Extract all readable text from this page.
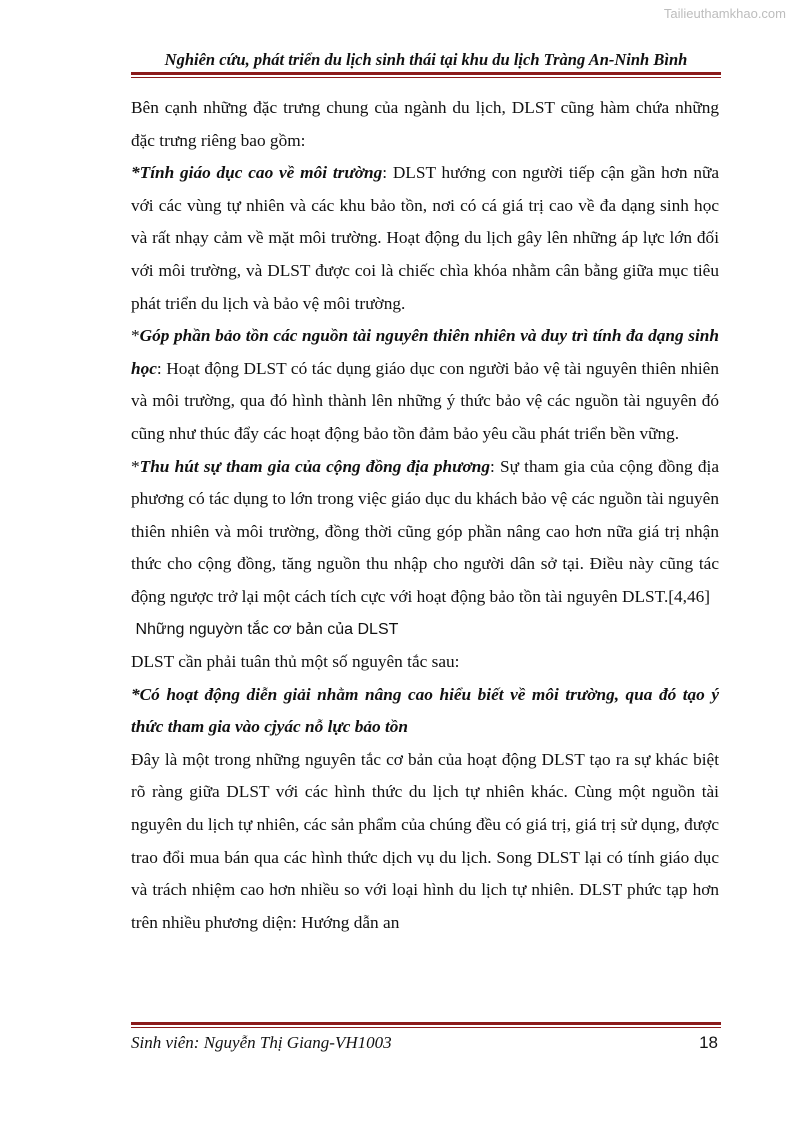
Tailieuthamkhao.com
Nghiên cứu, phát triển du lịch sinh thái tại khu du lịch Tràng An-Ninh Bình

Bên cạnh những đặc trưng chung của ngành du lịch, DLST cũng hàm chứa những đặc trưng riêng bao gồm:

*Tính giáo dục cao về môi trường: DLST hướng con người tiếp cận gần hơn nữa với các vùng tự nhiên và các khu bảo tồn, nơi có cá giá trị cao về đa dạng sinh học và rất nhạy cảm về mặt môi trường. Hoạt động du lịch gây lên những áp lực lớn đối với môi trường, và DLST được coi là chiếc chìa khóa nhằm cân bằng giữa mục tiêu phát triển du lịch và bảo vệ môi trường.

*Góp phần bảo tồn các nguồn tài nguyên thiên nhiên và duy trì tính đa dạng sinh học: Hoạt động DLST có tác dụng giáo dục con người bảo vệ tài nguyên thiên nhiên và môi trường, qua đó hình thành lên những ý thức bảo vệ các nguồn tài nguyên đó cũng như thúc đẩy các hoạt động bảo tồn đảm bảo yêu cầu phát triển bền vững.

*Thu hút sự tham gia của cộng đồng địa phương: Sự tham gia của cộng đồng địa phương có tác dụng to lớn trong việc giáo dục du khách bảo vệ các nguồn tài nguyên thiên nhiên và môi trường, đồng thời cũng góp phần nâng cao hơn nữa giá trị nhận thức cho cộng đồng, tăng nguồn thu nhập cho người dân sở tại. Điều này cũng tác động ngược trở lại một cách tích cực với hoạt động bảo tồn tài nguyên DLST.[4,46]

Những nguyờn tắc cơ bản của DLST

DLST cần phải tuân thủ một số nguyên tắc sau:

*Có hoạt động diễn giải nhằm nâng cao hiểu biết về môi trường, qua đó tạo ý thức tham gia vào cjyác nỗ lực bảo tồn

Đây là một trong những nguyên tắc cơ bản của hoạt động DLST tạo ra sự khác biệt rõ ràng giữa DLST với các hình thức du lịch tự nhiên khác. Cùng một nguồn tài nguyên du lịch tự nhiên, các sản phẩm của chúng đều có giá trị, giá trị sử dụng, được trao đổi mua bán qua các hình thức dịch vụ du lịch. Song DLST lại có tính giáo dục và trách nhiệm cao hơn nhiều so với loại hình du lịch tự nhiên. DLST phức tạp hơn trên nhiều phương diện: Hướng dẫn an

Sinh viên: Nguyễn Thị Giang-VH1003	18
